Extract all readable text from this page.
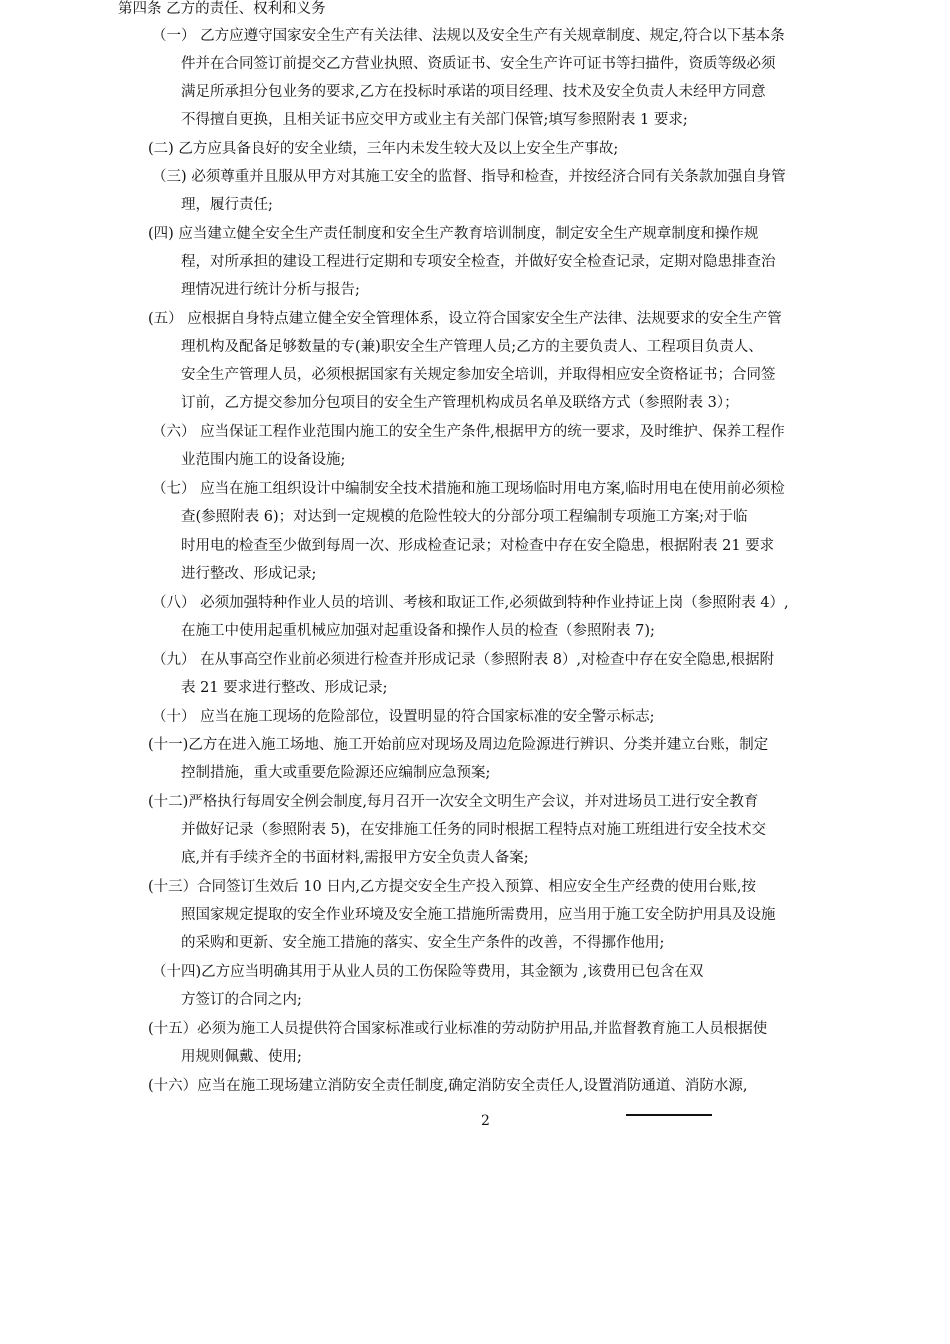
第四条 乙方的责任、权利和义务
（一） 乙方应遵守国家安全生产有关法律、法规以及安全生产有关规章制度、规定,符合以下基本条
件并在合同签订前提交乙方营业执照、资质证书、安全生产许可证书等扫描件，资质等级必须
满足所承担分包业务的要求,乙方在投标时承诺的项目经理、技术及安全负责人未经甲方同意
不得擅自更换，且相关证书应交甲方或业主有关部门保管;填写参照附表 1 要求;
(二) 乙方应具备良好的安全业绩，三年内未发生较大及以上安全生产事故;
（三) 必须尊重并且服从甲方对其施工安全的监督、指导和检查，并按经济合同有关条款加强自身管
理，履行责任;
(四) 应当建立健全安全生产责任制度和安全生产教育培训制度，制定安全生产规章制度和操作规
程，对所承担的建设工程进行定期和专项安全检查，并做好安全检查记录，定期对隐患排查治
理情况进行统计分析与报告;
(五） 应根据自身特点建立健全安全管理体系，设立符合国家安全生产法律、法规要求的安全生产管
理机构及配备足够数量的专(兼)职安全生产管理人员;乙方的主要负责人、工程项目负责人、
安全生产管理人员，必须根据国家有关规定参加安全培训，并取得相应安全资格证书；合同签
订前，乙方提交参加分包项目的安全生产管理机构成员名单及联络方式（参照附表 3）；
（六） 应当保证工程作业范围内施工的安全生产条件,根据甲方的统一要求，及时维护、保养工程作
业范围内施工的设备设施;
（七） 应当在施工组织设计中编制安全技术措施和施工现场临时用电方案,临时用电在使用前必须检
查(参照附表 6)；对达到一定规模的危险性较大的分部分项工程编制专项施工方案;对于临
时用电的检查至少做到每周一次、形成检查记录；对检查中存在安全隐患，根据附表 21 要求
进行整改、形成记录;
（八） 必须加强特种作业人员的培训、考核和取证工作,必须做到特种作业持证上岗（参照附表 4）,
在施工中使用起重机械应加强对起重设备和操作人员的检查（参照附表 7);
（九） 在从事高空作业前必须进行检查并形成记录（参照附表 8）,对检查中存在安全隐患,根据附
表 21 要求进行整改、形成记录;
（十） 应当在施工现场的危险部位，设置明显的符合国家标准的安全警示标志;
(十一)乙方在进入施工场地、施工开始前应对现场及周边危险源进行辨识、分类并建立台账，制定
控制措施，重大或重要危险源还应编制应急预案;
(十二)严格执行每周安全例会制度,每月召开一次安全文明生产会议，并对进场员工进行安全教育
并做好记录（参照附表 5)，在安排施工任务的同时根据工程特点对施工班组进行安全技术交
底,并有手续齐全的书面材料,需报甲方安全负责人备案;
(十三）合同签订生效后 10 日内,乙方提交安全生产投入预算、相应安全生产经费的使用台账,按
照国家规定提取的安全作业环境及安全施工措施所需费用，应当用于施工安全防护用具及设施
的采购和更新、安全施工措施的落实、安全生产条件的改善，不得挪作他用;
（十四)乙方应当明确其用于从业人员的工伤保险等费用，其金额为 ,该费用已包含在双
方签订的合同之内;
(十五）必须为施工人员提供符合国家标准或行业标准的劳动防护用品,并监督教育施工人员根据使
用规则佩戴、使用;
(十六）应当在施工现场建立消防安全责任制度,确定消防安全责任人,设置消防通道、消防水源,
2
